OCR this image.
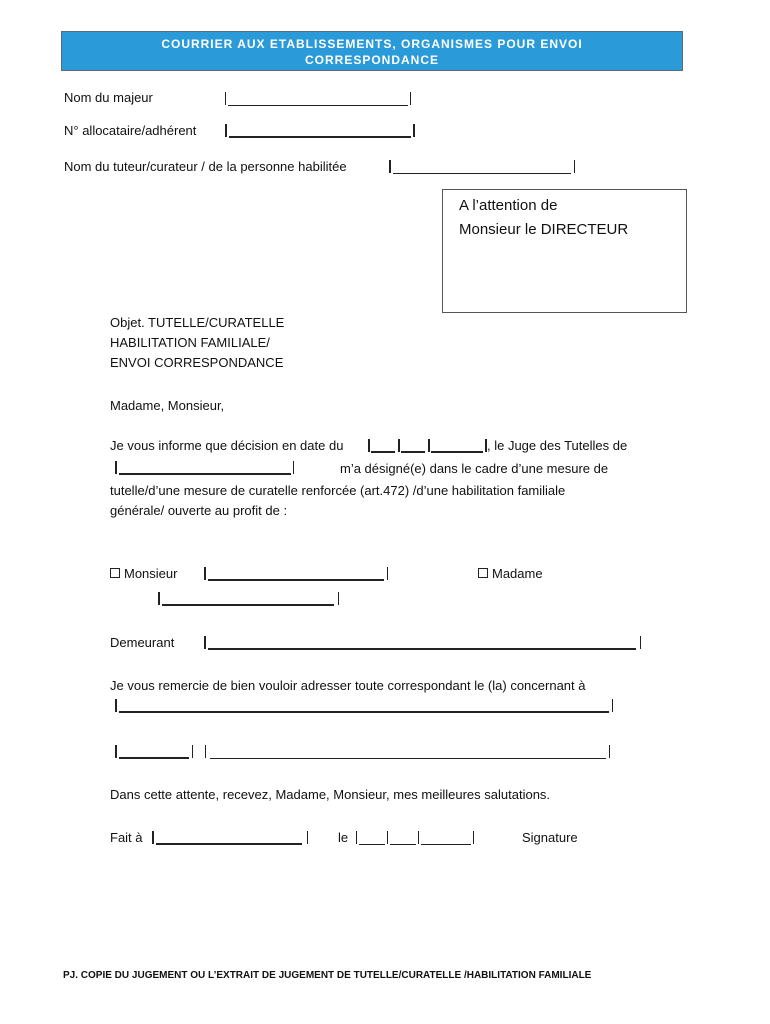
COURRIER AUX ETABLISSEMENTS, ORGANISMES POUR ENVOI
CORRESPONDANCE
Nom du majeur
N° allocataire/adhérent
Nom du tuteur/curateur / de la personne habilitée
A l’attention de
Monsieur le DIRECTEUR
Objet. TUTELLE/CURATELLE
HABILITATION FAMILIALE/
ENVOI CORRESPONDANCE
Madame, Monsieur,
Je vous informe que décision en date du	, le Juge des Tutelles de
m’a désigné(e) dans le cadre d’une mesure de
tutelle/d’une mesure de curatelle renforcée (art.472) /d’une habilitation familiale
générale/ ouverte au profit de :
Monsieur	Madame
Demeurant
Je vous remercie de bien vouloir adresser toute correspondant le (la) concernant à
Dans cette attente, recevez, Madame, Monsieur, mes meilleures salutations.
Fait à	le	Signature
PJ. COPIE DU JUGEMENT OU L’EXTRAIT DE JUGEMENT DE TUTELLE/CURATELLE /HABILITATION FAMILIALE
